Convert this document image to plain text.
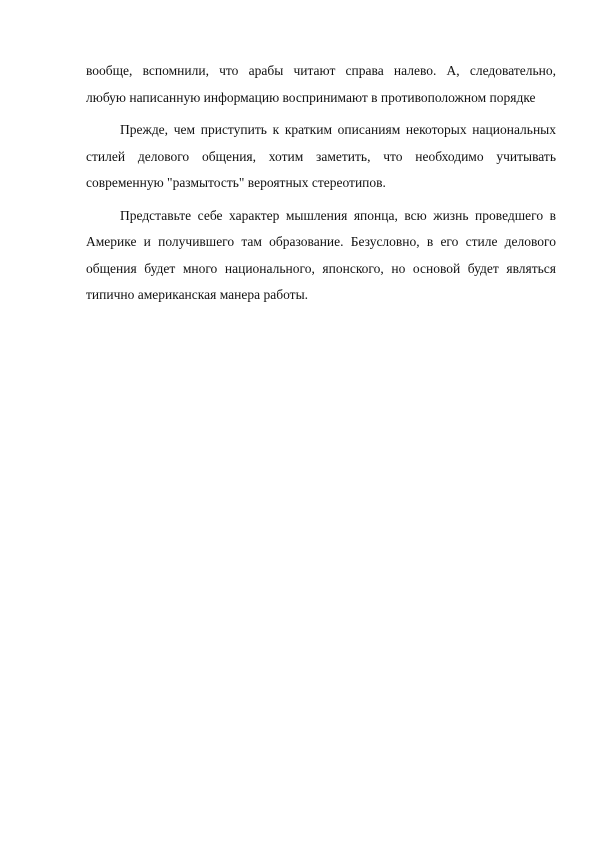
вообще, вспомнили, что арабы читают справа налево. А, следовательно,
любую написанную информацию воспринимают в противоположном порядке
Прежде, чем приступить к кратким описаниям некоторых национальных
стилей делового общения, хотим заметить, что необходимо учитывать
современную "размытость" вероятных стереотипов.
Представьте себе характер мышления японца, всю жизнь проведшего в
Америке и получившего там образование. Безусловно, в его стиле делового
общения будет много национального, японского, но основой будет являться
типично американская манера работы.
